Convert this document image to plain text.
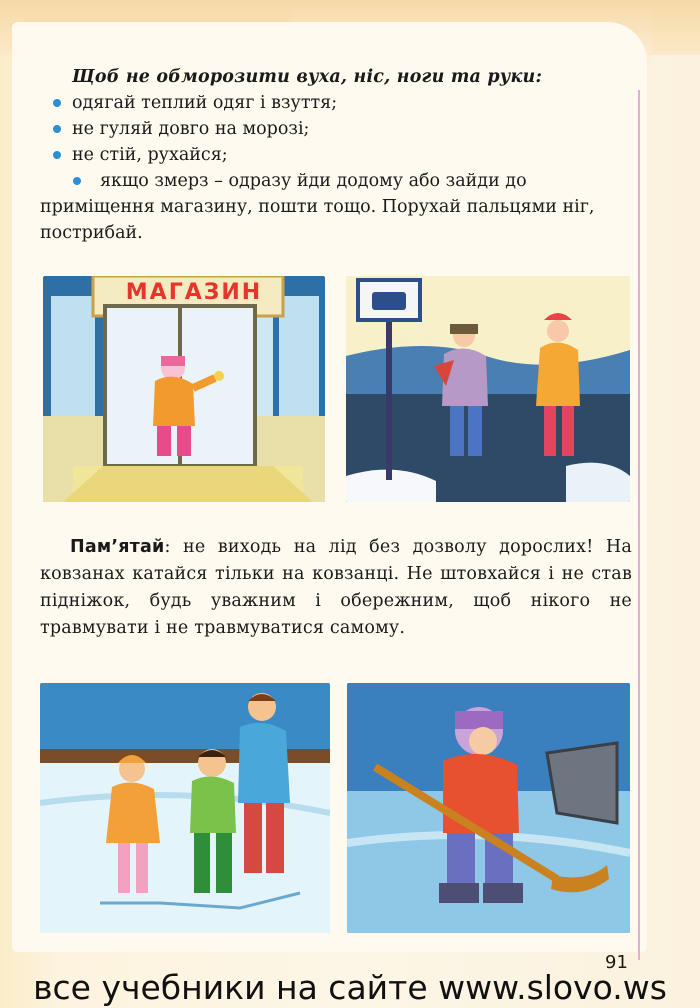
Щоб не обморозити вуха, ніс, ноги та руки:
одягай теплий одяг і взуття;
не гуляй довго на морозі;
не стій, рухайся;
якщо змерз – одразу йди додому або зайди до приміщення магазину, пошти тощо. Поруxай пальцями ніг, пострибай.
МАГАЗИН
Пам’ятай: не виходь на лід без дозволу дорослих! На ковзанах катайся тільки на ковзанці. Не штовхайся і не став підніжок, будь уважним і обережним, щоб нікого не травмувати і не травмуватися самому.
91
все учебники на сайте www.slovo.ws
